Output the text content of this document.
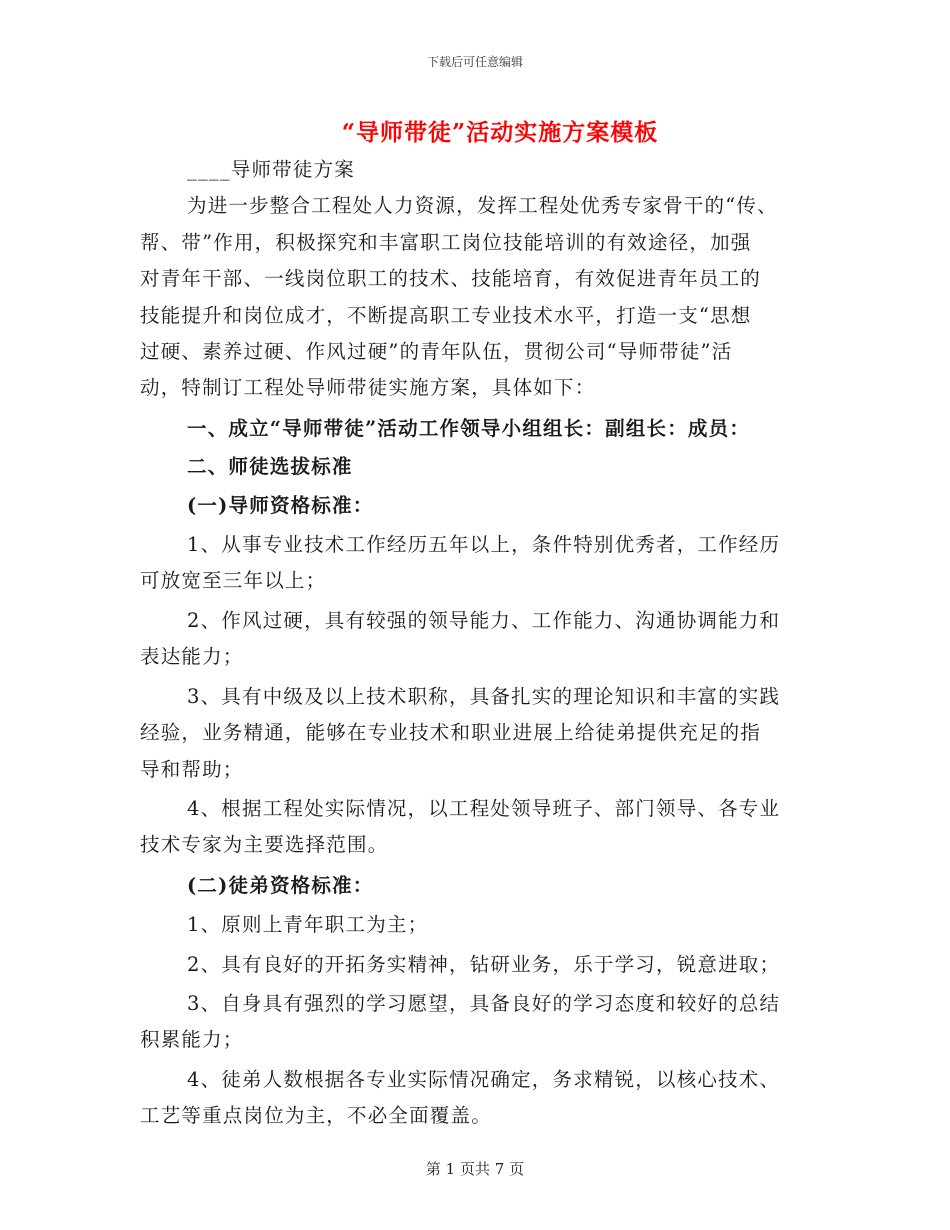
下载后可任意编辑
“导师带徒”活动实施方案模板
____导师带徒方案
为进一步整合工程处人力资源，发挥工程处优秀专家骨干的“传、
帮、带”作用，积极探究和丰富职工岗位技能培训的有效途径，加强
对青年干部、一线岗位职工的技术、技能培育，有效促进青年员工的
技能提升和岗位成才，不断提高职工专业技术水平，打造一支“思想
过硬、素养过硬、作风过硬”的青年队伍，贯彻公司“导师带徒”活
动，特制订工程处导师带徒实施方案，具体如下：
一、成立“导师带徒”活动工作领导小组组长：副组长：成员：
二、师徒选拔标准
(一)导师资格标准：
1、从事专业技术工作经历五年以上，条件特别优秀者，工作经历
可放宽至三年以上；
2、作风过硬，具有较强的领导能力、工作能力、沟通协调能力和
表达能力；
3、具有中级及以上技术职称，具备扎实的理论知识和丰富的实践
经验，业务精通，能够在专业技术和职业进展上给徒弟提供充足的指
导和帮助；
4、根据工程处实际情况，以工程处领导班子、部门领导、各专业
技术专家为主要选择范围。
(二)徒弟资格标准：
1、原则上青年职工为主；
2、具有良好的开拓务实精神，钻研业务，乐于学习，锐意进取；
3、自身具有强烈的学习愿望，具备良好的学习态度和较好的总结
积累能力；
4、徒弟人数根据各专业实际情况确定，务求精锐，以核心技术、
工艺等重点岗位为主，不必全面覆盖。
第 1 页共 7 页
